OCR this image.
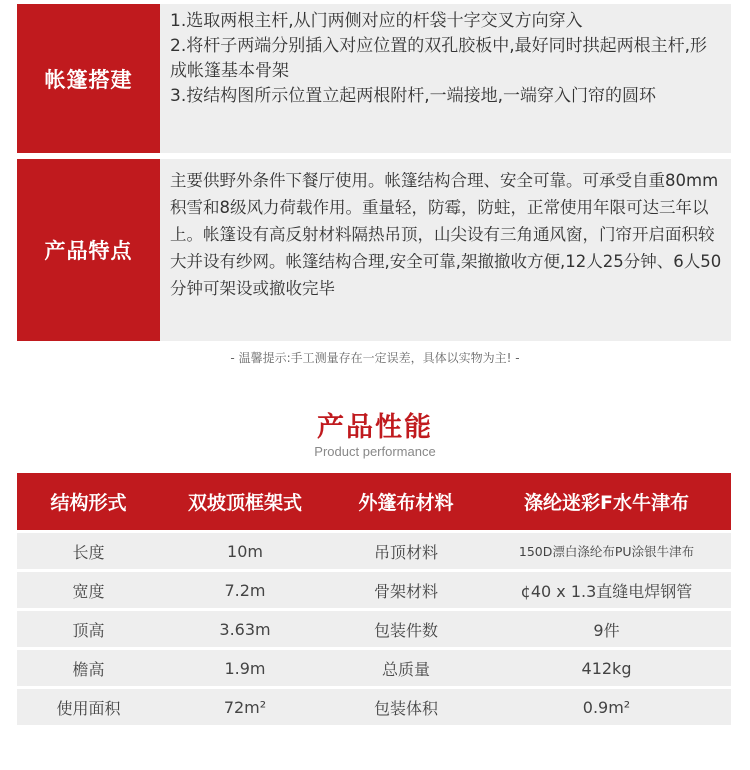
帐篷搭建

1.选取两根主杆,从门两侧对应的杆袋十字交叉方向穿入

2.将杆子两端分别插入对应位置的双孔胶板中,最好同时拱起两根主杆,形成帐篷基本骨架

3.按结构图所示位置立起两根附杆,一端接地,一端穿入门帘的圆环

产品特点
主要供野外条件下餐厅使用。帐篷结构合理、安全可靠。可承受自重80mm积雪和8级风力荷载作用。重量轻，防霉，防蛀，正常使用年限可达三年以上。帐篷设有高反射材料隔热吊顶，山尖设有三角通风窗，门帘开启面积较大并设有纱网。帐篷结构合理,安全可靠,架撤撤收方便,12人25分钟、6人50分钟可架设或撤收完毕
- 温馨提示:手工测量存在一定误差，具体以实物为主! -
产品性能
Product performance
结构形式	双坡顶框架式	外篷布材料	涤纶迷彩F水牛津布
长度	10m	吊顶材料	150D漂白涤纶布PU涂银牛津布
宽度	7.2m	骨架材料	¢40 x 1.3直缝电焊钢管
顶高	3.63m	包装件数	9件
檐高	1.9m	总质量	412kg
使用面积	72m²	包装体积	0.9m²
